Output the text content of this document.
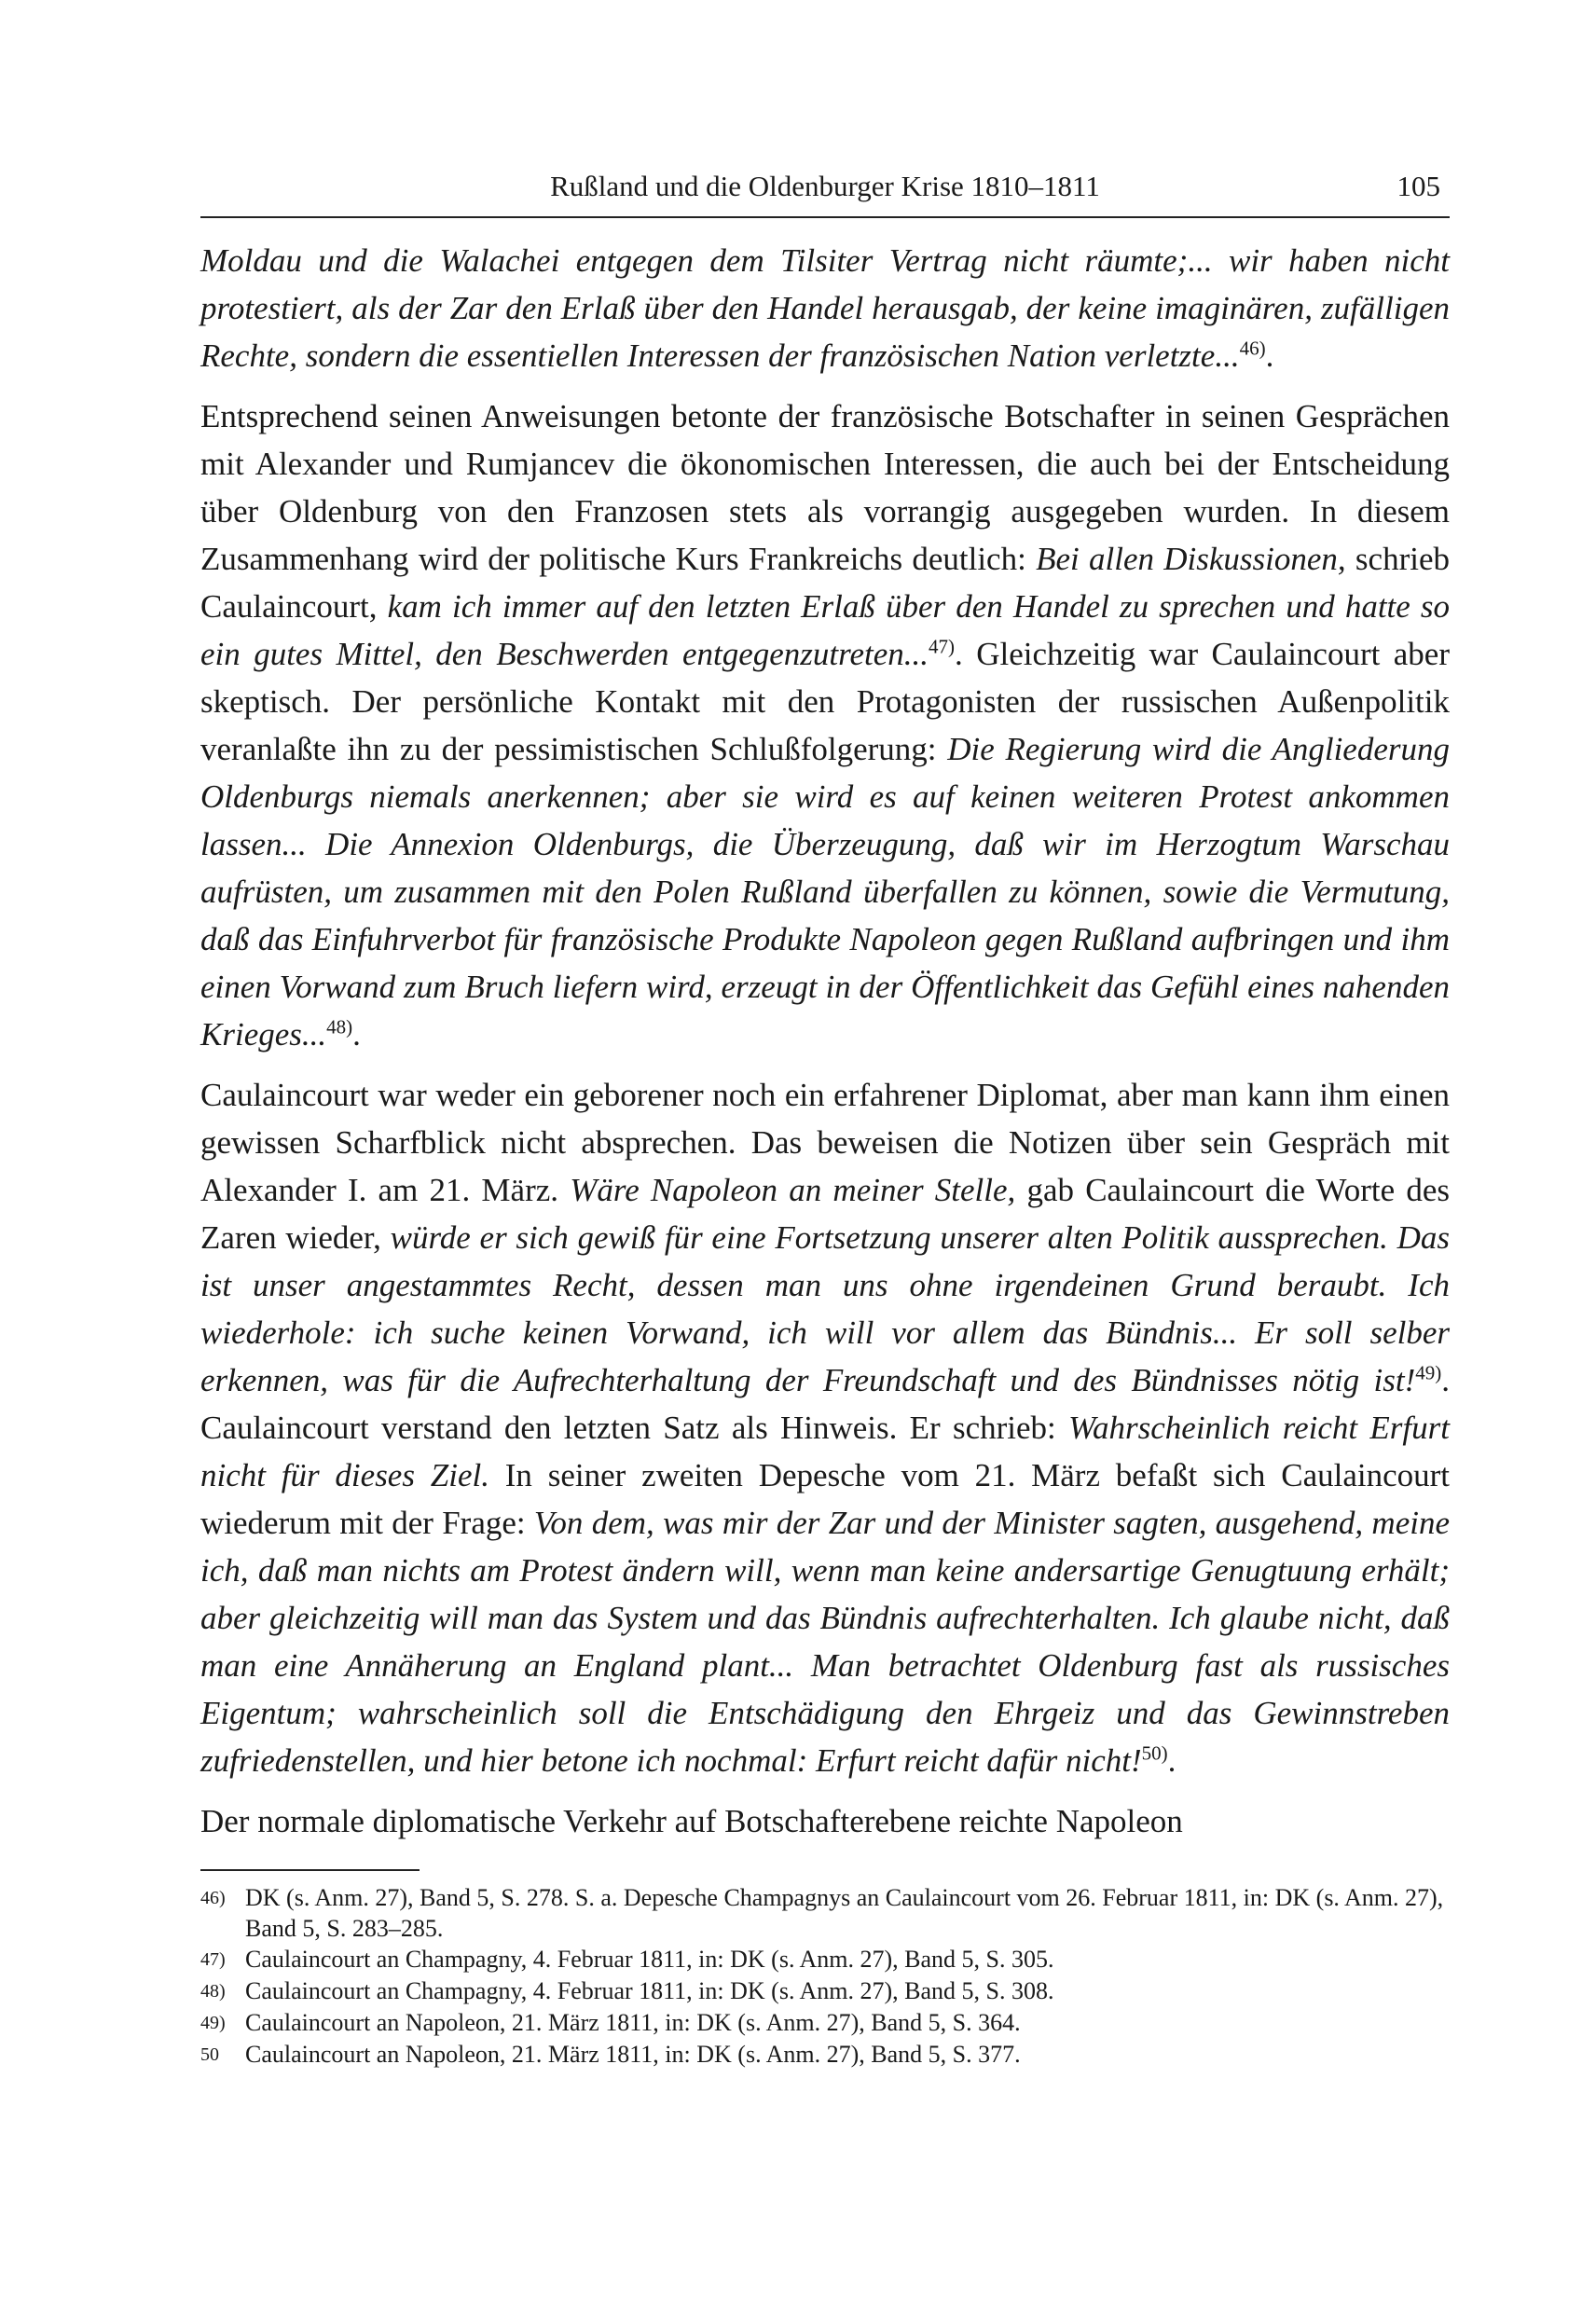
Rußland und die Oldenburger Krise 1810–1811	105

Moldau und die Walachei entgegen dem Tilsiter Vertrag nicht räumte;... wir haben nicht protestiert, als der Zar den Erlaß über den Handel herausgab, der keine imaginären, zufälligen Rechte, sondern die essentiellen Interessen der französischen Nation verletzte...$^{46)}$.

Entsprechend seinen Anweisungen betonte der französische Botschafter in seinen Gesprächen mit Alexander und Rumjancev die ökonomischen Interessen, die auch bei der Entscheidung über Oldenburg von den Franzosen stets als vorrangig ausgegeben wurden. In diesem Zusammenhang wird der politische Kurs Frankreichs deutlich: Bei allen Diskussionen, schrieb Caulaincourt, kam ich immer auf den letzten Erlaß über den Handel zu sprechen und hatte so ein gutes Mittel, den Beschwerden entgegenzutreten...$^{47)}$. Gleichzeitig war Caulaincourt aber skeptisch. Der persönliche Kontakt mit den Protagonisten der russischen Außenpolitik veranlaßte ihn zu der pessimistischen Schlußfolgerung: Die Regierung wird die Angliederung Oldenburgs niemals anerkennen; aber sie wird es auf keinen weiteren Protest ankommen lassen... Die Annexion Oldenburgs, die Überzeugung, daß wir im Herzogtum Warschau aufrüsten, um zusammen mit den Polen Rußland überfallen zu können, sowie die Vermutung, daß das Einfuhrverbot für französische Produkte Napoleon gegen Rußland aufbringen und ihm einen Vorwand zum Bruch liefern wird, erzeugt in der Öffentlichkeit das Gefühl eines nahenden Krieges...$^{48)}$.

Caulaincourt war weder ein geborener noch ein erfahrener Diplomat, aber man kann ihm einen gewissen Scharfblick nicht absprechen. Das beweisen die Notizen über sein Gespräch mit Alexander I. am 21. März. Wäre Napoleon an meiner Stelle, gab Caulaincourt die Worte des Zaren wieder, würde er sich gewiß für eine Fortsetzung unserer alten Politik aussprechen. Das ist unser angestammtes Recht, dessen man uns ohne irgendeinen Grund beraubt. Ich wiederhole: ich suche keinen Vorwand, ich will vor allem das Bündnis... Er soll selber erkennen, was für die Aufrechterhaltung der Freundschaft und des Bündnisses nötig ist!$^{49)}$. Caulaincourt verstand den letzten Satz als Hinweis. Er schrieb: Wahrscheinlich reicht Erfurt nicht für dieses Ziel. In seiner zweiten Depesche vom 21. März befaßt sich Caulaincourt wiederum mit der Frage: Von dem, was mir der Zar und der Minister sagten, ausgehend, meine ich, daß man nichts am Protest ändern will, wenn man keine andersartige Genugtuung erhält; aber gleichzeitig will man das System und das Bündnis aufrechterhalten. Ich glaube nicht, daß man eine Annäherung an England plant... Man betrachtet Oldenburg fast als russisches Eigentum; wahrscheinlich soll die Entschädigung den Ehrgeiz und das Gewinnstreben zufriedenstellen, und hier betone ich nochmal: Erfurt reicht dafür nicht!$^{50)}$.

Der normale diplomatische Verkehr auf Botschafterebene reichte Napoleon

46) DK (s. Anm. 27), Band 5, S. 278. S. a. Depesche Champagnys an Caulaincourt vom 26. Februar 1811, in: DK (s. Anm. 27), Band 5, S. 283–285.
47) Caulaincourt an Champagny, 4. Februar 1811, in: DK (s. Anm. 27), Band 5, S. 305.
48) Caulaincourt an Champagny, 4. Februar 1811, in: DK (s. Anm. 27), Band 5, S. 308.
49) Caulaincourt an Napoleon, 21. März 1811, in: DK (s. Anm. 27), Band 5, S. 364.
50	Caulaincourt an Napoleon, 21. März 1811, in: DK (s. Anm. 27), Band 5, S. 377.
